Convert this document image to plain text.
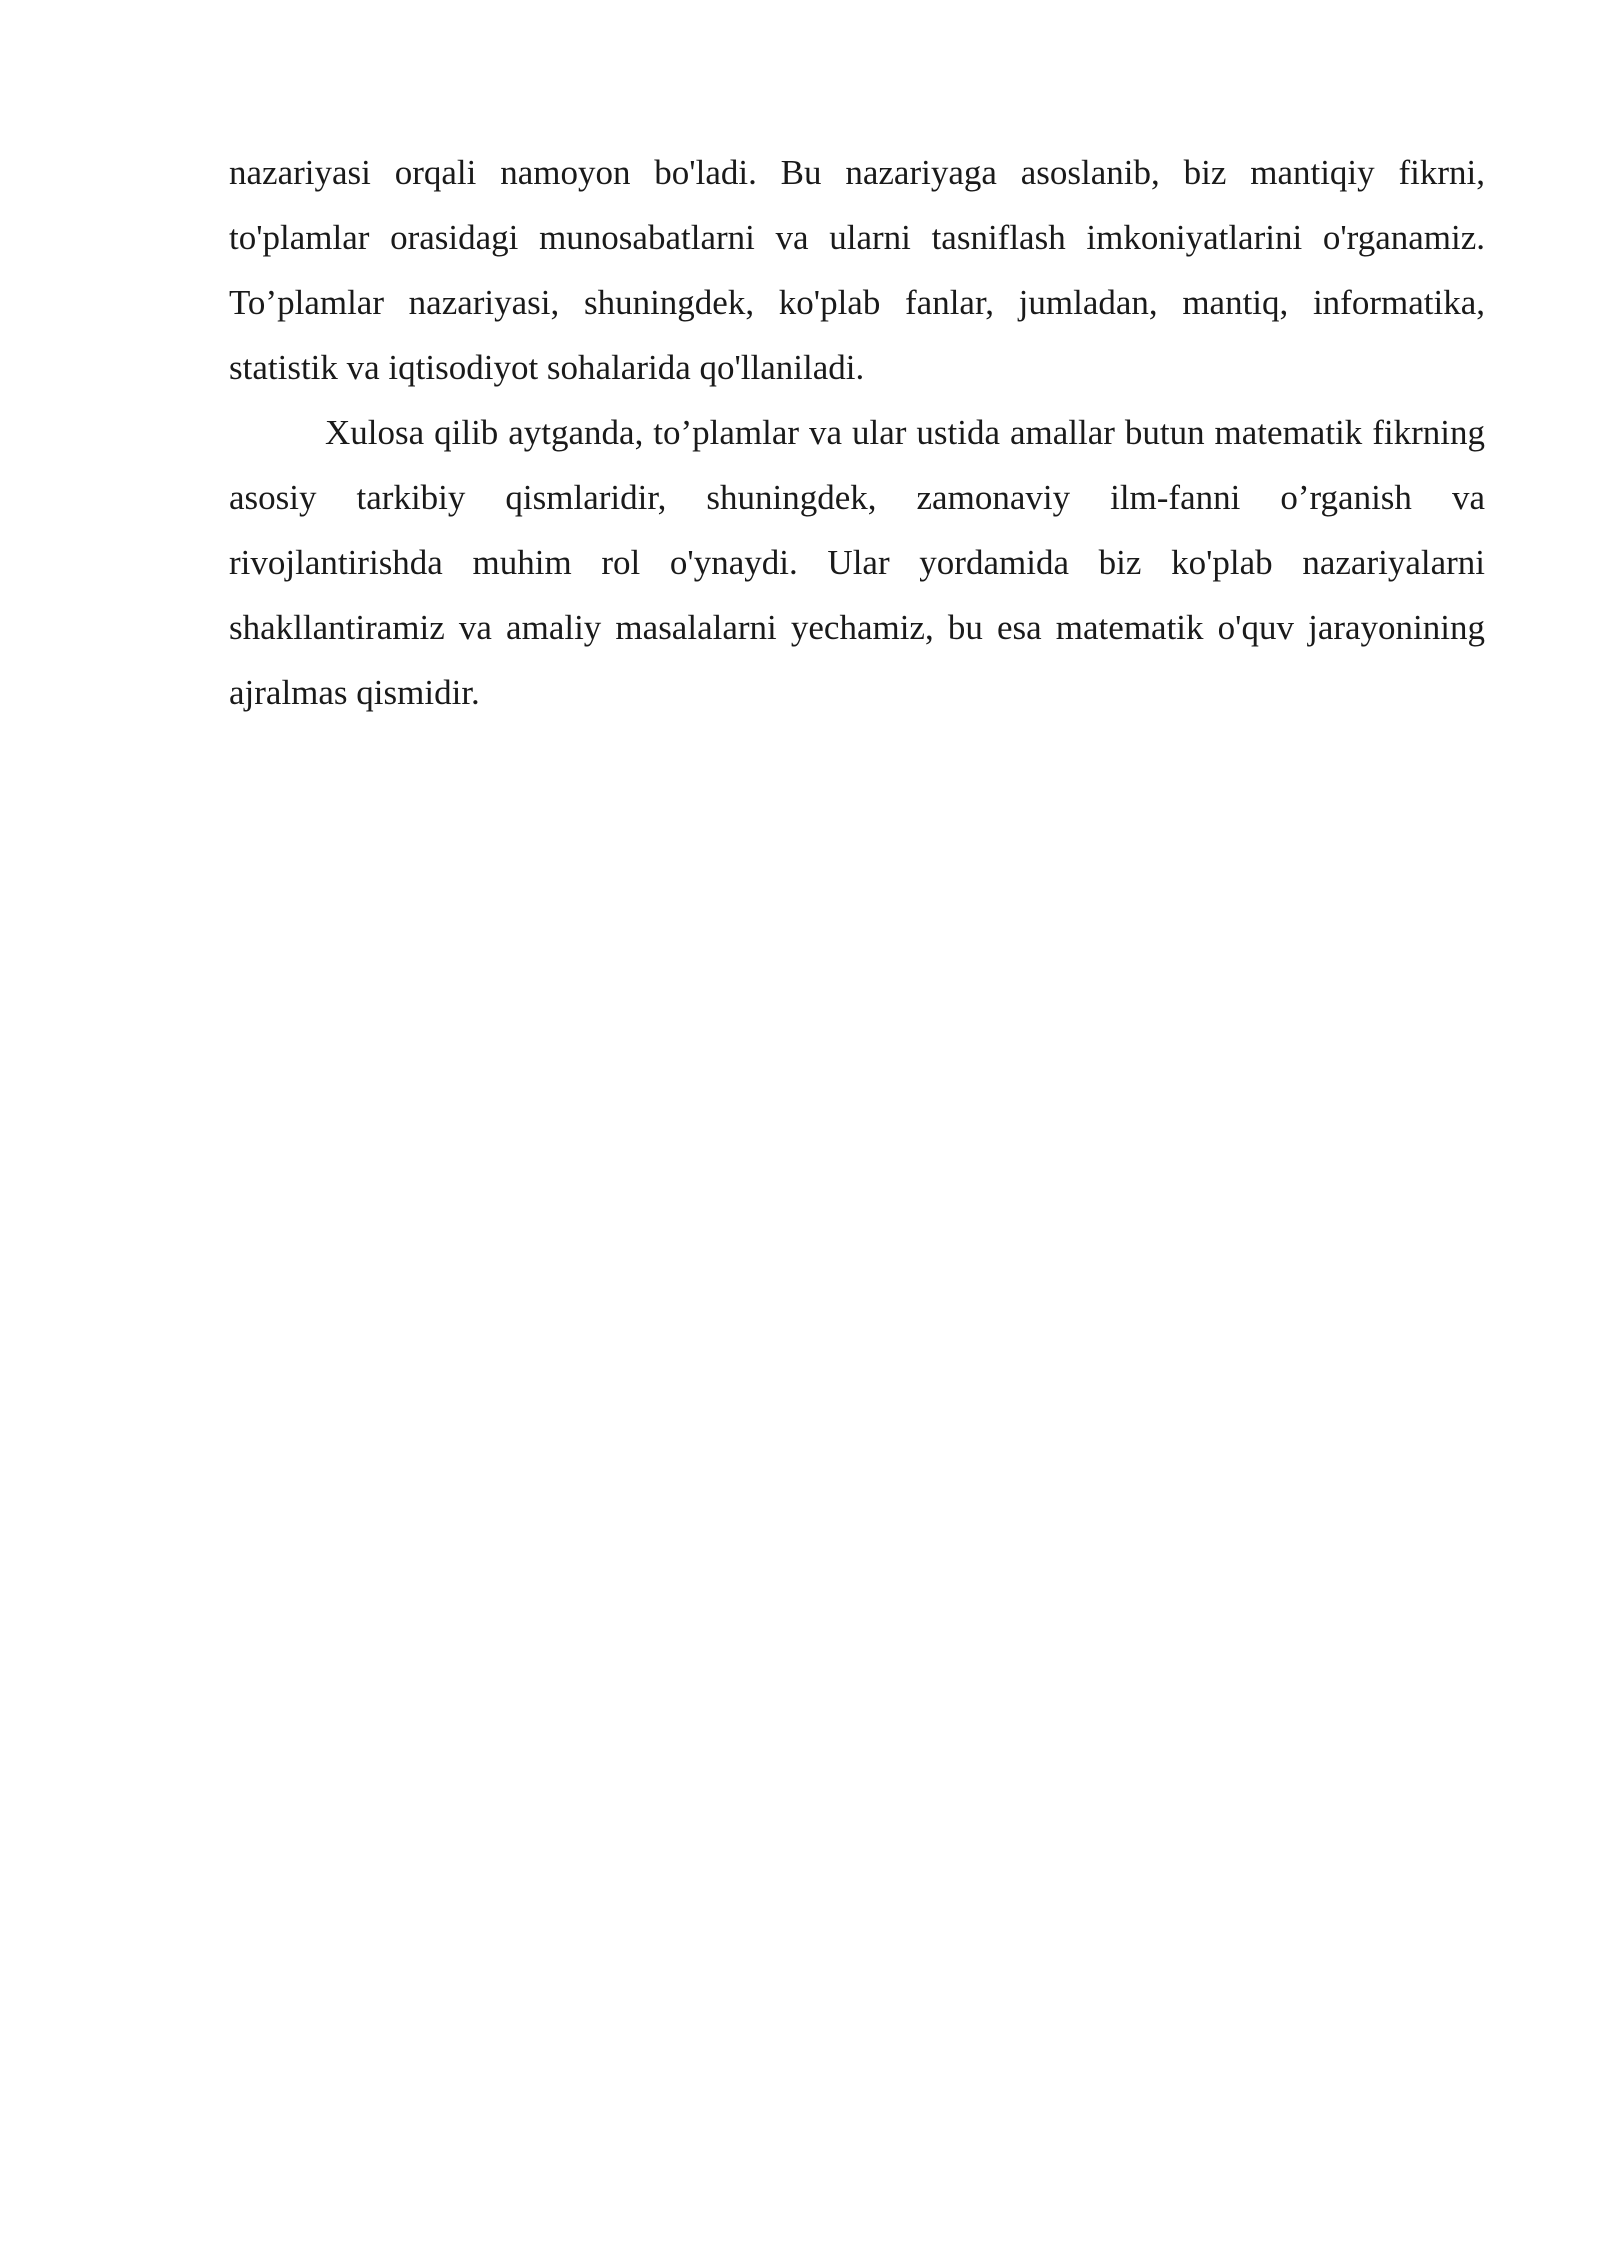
nazariyasi orqali namoyon bo'ladi. Bu nazariyaga asoslanib, biz mantiqiy fikrni, to'plamlar orasidagi munosabatlarni va ularni tasniflash imkoniyatlarini o'rganamiz. To’plamlar nazariyasi, shuningdek, ko'plab fanlar, jumladan, mantiq, informatika, statistik va iqtisodiyot sohalarida qo'llaniladi.

Xulosa qilib aytganda, to’plamlar va ular ustida amallar butun matematik fikrning asosiy tarkibiy qismlaridir, shuningdek, zamonaviy ilm-fanni o’rganish va rivojlantirishda muhim rol o'ynaydi. Ular yordamida biz ko'plab nazariyalarni shakllantiramiz va amaliy masalalarni yechamiz, bu esa matematik o'quv jarayonining ajralmas qismidir.
